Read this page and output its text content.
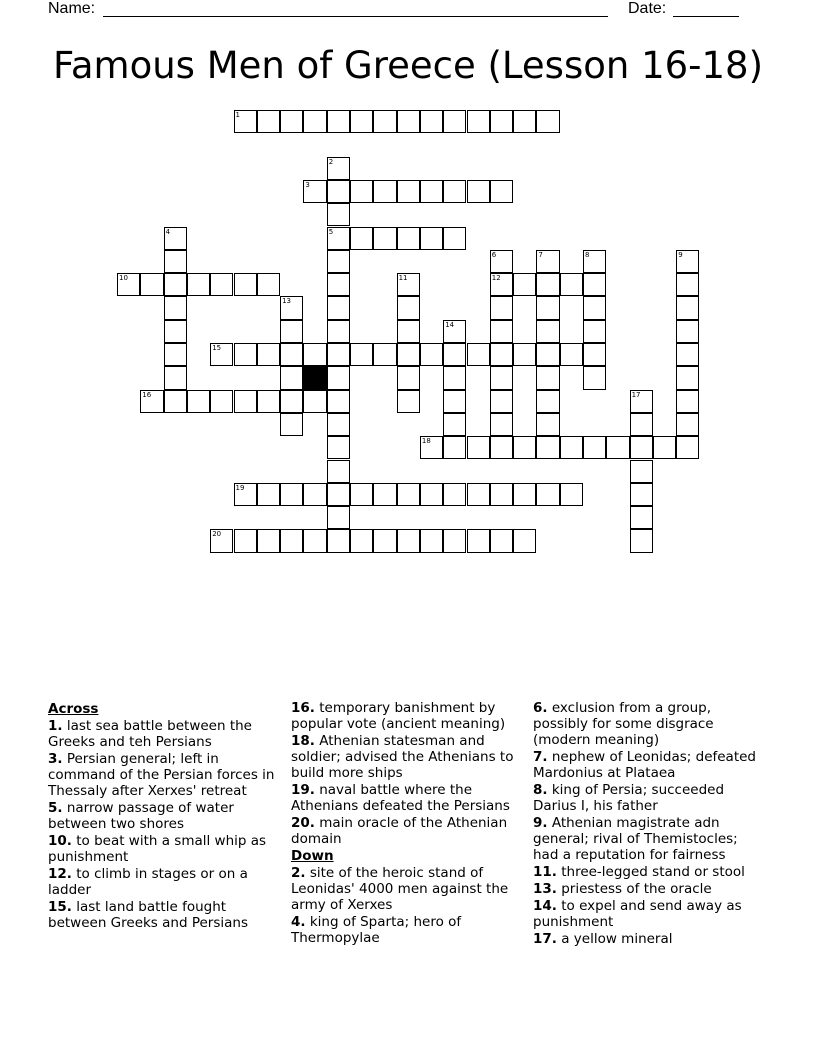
Name:	Date:
Famous Men of Greece (Lesson 16-18)
1
2
5
3
4
6
12
7	8	9
10	11
13
14
15
16	17
18
19
20
Across
1. last sea battle between the Greeks and teh Persians
3. Persian general; left in command of the Persian forces in Thessaly after Xerxes' retreat
5. narrow passage of water between two shores
10. to beat with a small whip as punishment
12. to climb in stages or on a ladder
15. last land battle fought between Greeks and Persians
16. temporary banishment by popular vote (ancient meaning)
18. Athenian statesman and soldier; advised the Athenians to build more ships
19. naval battle where the Athenians defeated the Persians
20. main oracle of the Athenian domain
Down
2. site of the heroic stand of Leonidas' 4000 men against the army of Xerxes
4. king of Sparta; hero of Thermopylae
6. exclusion from a group, possibly for some disgrace (modern meaning)
7. nephew of Leonidas; defeated Mardonius at Plataea
8. king of Persia; succeeded Darius I, his father
9. Athenian magistrate adn general; rival of Themistocles; had a reputation for fairness
11. three-legged stand or stool
13. priestess of the oracle
14. to expel and send away as punishment
17. a yellow mineral
